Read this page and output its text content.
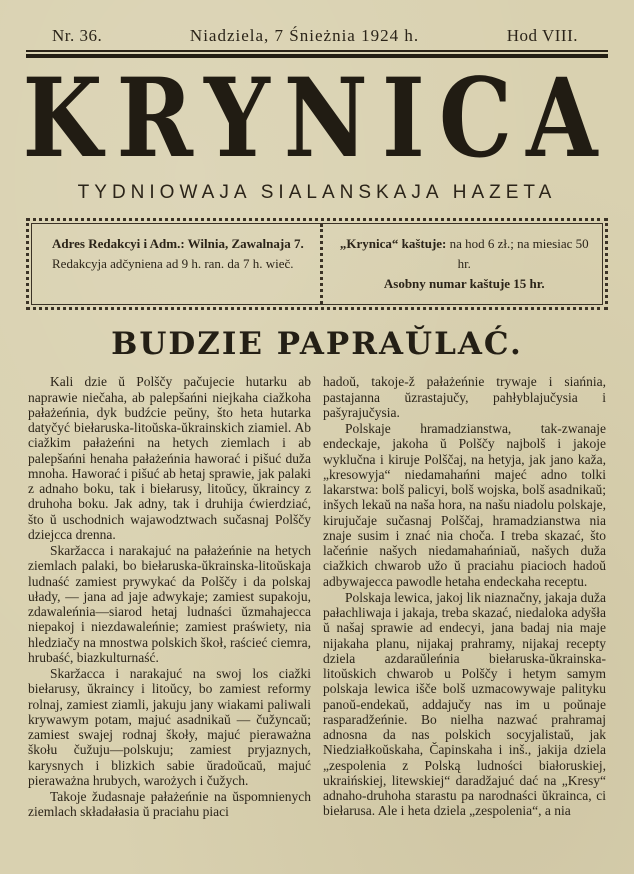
Nr. 36.	Niadziela, 7 Śnieżnia 1924 h.	Hod VIII.
KRYNICA
TYDNIOWAJA SIALANSKAJA HAZETA
Adres Redakcyi i Adm.: Wilnia, Zawalnaja 7.
Redakcyja adčyniena ad 9 h. ran. da 7 h. wieč.
„Krynica“ kaštuje: na hod 6 zł.; na miesiac 50 hr.
Asobny numar kaštuje 15 hr.
BUDZIE PAPRAŬLAĆ.

Kali dzie ŭ Polščy pačujecie hutarku ab naprawie niečaha, ab palepšańni niejkaha ciažkoha pałażeńnia, dyk budźcie peŭny, što heta hutarka datyčyć biełaruska-litoŭska-ŭkrainskich ziamiel. Ab ciažkim pałażeńni na hetych ziemlach i ab palepšańni henaha pałażeńnia haworać i pišuć duža mnoha. Haworać i pišuć ab hetaj sprawie, jak palaki z adnaho boku, tak i biełarusy, litoŭcy, ŭkraincy z druhoha boku. Jak adny, tak i druhija ćwierdziać, što ŭ uschodnich wajawodztwach sučasnaj Polščy dziejcca drenna.

Skaržacca i narakajuć na pałażeńnie na hetych ziemlach palaki, bo biełaruska-ŭkrainska-litoŭskaja ludnaść zamiest prywykać da Polščy i da polskaj ułady, — jana ad jaje adwykaje; zamiest supakoju, zdawaleńnia—siarod hetaj ludnaści ŭzmahajecca niepakoj i niezdawaleńnie; zamiest praświety, nia hledziačy na mnostwa polskich škoł, raścieć ciemra, hrubaść, biazkulturnaść.

Skaržacca i narakajuć na swoj los ciažki biełarusy, ŭkraincy i litoŭcy, bo zamiest reformy rolnaj, zamiest ziamli, jakuju jany wiakami paliwali krywawym potam, majuć asadnikaŭ — čužyncaŭ; zamiest swajej rodnaj škoły, majuć pieraważna škołu čužuju—polskuju; zamiest pryjaznych, karysnych i blizkich sabie ŭradoŭcaŭ, majuć pieraważna hrubych, warożych i čužych.

Takoje žudasnaje pałażeńnie na ŭspomnienych ziemlach składałasia ŭ praciahu piaci

hadoŭ, takoje-ž pałażeńnie trywaje i siańnia, pastajanna ŭzrastajučy, pahłyblajučysia i pašyrajučysia.

Polskaje hramadzianstwa, tak-zwanaje endeckaje, jakoha ŭ Polščy najbolš i jakoje wyklučna i kiruje Polščaj, na hetyja, jak jano kaža, „kresowyja“ niedamahańni majeć adno tolki lakarstwa: bolš palicyi, bolš wojska, bolš asadnikaŭ; inšych lekaŭ na naša hora, na našu niadolu polskaje, kirujučaje sučasnaj Polščaj, hramadzianstwa nia znaje susim i znać nia choča. I treba skazać, što lačeńnie našych niedamahańniaŭ, našych duža ciažkich chwarob užo ŭ praciahu piacioch hadoŭ adbywajecca pawodle hetaha endeckaha receptu.

Polskaja lewica, jakoj lik niaznačny, jakaja duža pałachliwaja i jakaja, treba skazać, niedaloka adyšła ŭ našaj sprawie ad endecyi, jana badaj nia maje nijakaha planu, nijakaj prahramy, nijakaj recepty dziela azdaraŭleńnia biełaruska-ŭkrainska-litoŭskich chwarob u Polščy i hetym samym polskaja lewica išče bolš uzmacowywaje palityku panoŭ-endekaŭ, addajučy nas im u poŭnaje rasparadžeńnie. Bo nielha nazwać prahramaj adnosna da nas polskich socyjalistaŭ, jak Niedziałkoŭskaha, Čapinskaha i inš., jakija dziela „zespolenia z Polską ludności białoruskiej, ukraińskiej, litewskiej“ daradžajuć dać na „Kresy“ adnaho-druhoha starastu pa narodnaści ŭkrainca, ci biełarusa. Ale i heta dziela „zespolenia“, a nia
